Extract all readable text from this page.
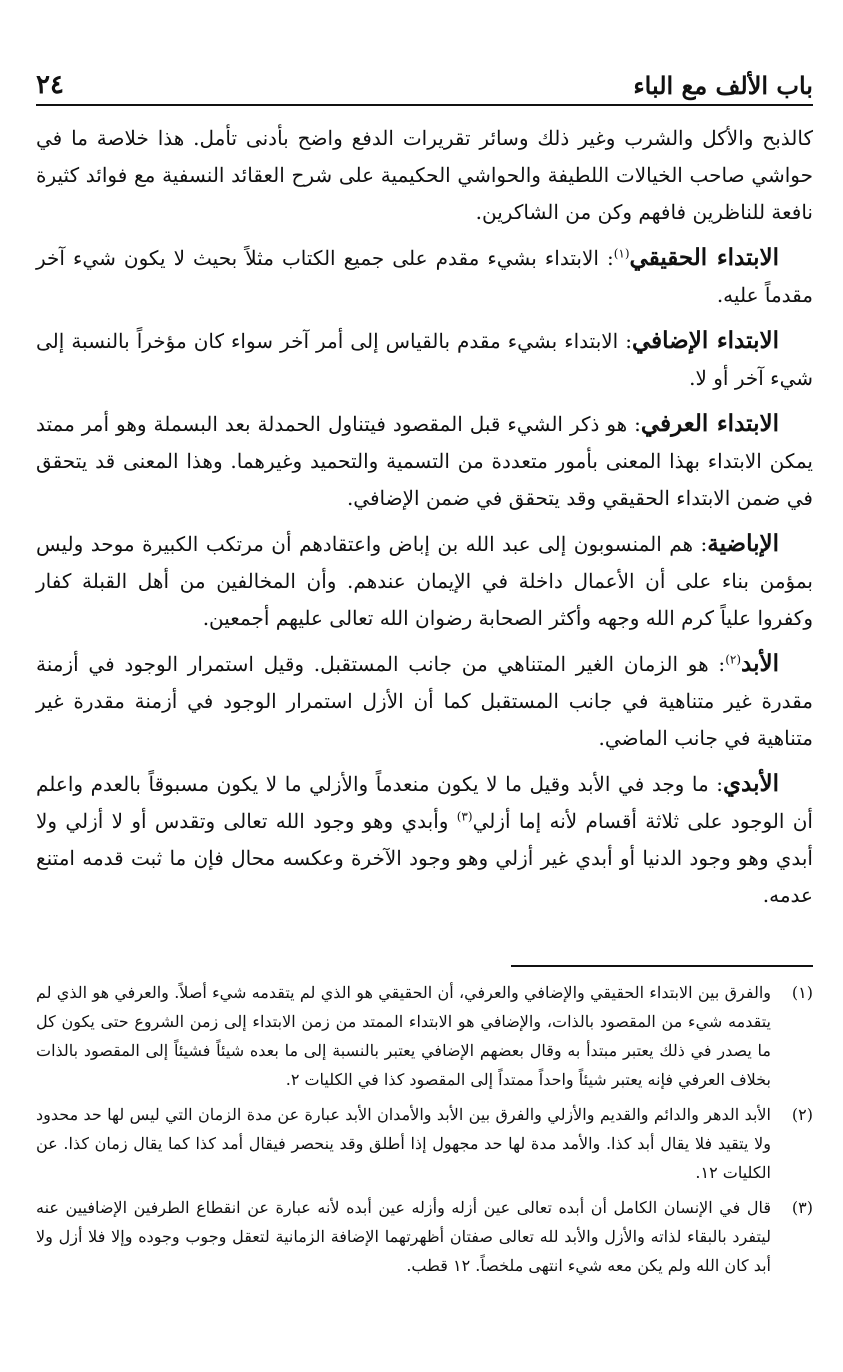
باب الألف مع الباء
٢٤

كالذبح والأكل والشرب وغير ذلك وسائر تقريرات الدفع واضح بأدنى تأمل. هذا خلاصة ما في حواشي صاحب الخيالات اللطيفة والحواشي الحكيمية على شرح العقائد النسفية مع فوائد كثيرة نافعة للناظرين فافهم وكن من الشاكرين.

الابتداء الحقيقي$^{(١)}$: الابتداء بشيء مقدم على جميع الكتاب مثلاً بحيث لا يكون شيء آخر مقدماً عليه.

الابتداء الإضافي: الابتداء بشيء مقدم بالقياس إلى أمر آخر سواء كان مؤخراً بالنسبة إلى شيء آخر أو لا.

الابتداء العرفي: هو ذكر الشيء قبل المقصود فيتناول الحمدلة بعد البسملة وهو أمر ممتد يمكن الابتداء بهذا المعنى بأمور متعددة من التسمية والتحميد وغيرهما. وهذا المعنى قد يتحقق في ضمن الابتداء الحقيقي وقد يتحقق في ضمن الإضافي.

الإباضية: هم المنسوبون إلى عبد الله بن إباض واعتقادهم أن مرتكب الكبيرة موحد وليس بمؤمن بناء على أن الأعمال داخلة في الإيمان عندهم. وأن المخالفين من أهل القبلة كفار وكفروا علياً كرم الله وجهه وأكثر الصحابة رضوان الله تعالى عليهم أجمعين.

الأبد$^{(٢)}$: هو الزمان الغير المتناهي من جانب المستقبل. وقيل استمرار الوجود في أزمنة مقدرة غير متناهية في جانب المستقبل كما أن الأزل استمرار الوجود في أزمنة مقدرة غير متناهية في جانب الماضي.

الأبدي: ما وجد في الأبد وقيل ما لا يكون منعدماً والأزلي ما لا يكون مسبوقاً بالعدم واعلم أن الوجود على ثلاثة أقسام لأنه إما أزلي$^{(٣)}$ وأبدي وهو وجود الله تعالى وتقدس أو لا أزلي ولا أبدي وهو وجود الدنيا أو أبدي غير أزلي وهو وجود الآخرة وعكسه محال فإن ما ثبت قدمه امتنع عدمه.

(١)
والفرق بين الابتداء الحقيقي والإضافي والعرفي، أن الحقيقي هو الذي لم يتقدمه شيء أصلاً. والعرفي هو الذي لم يتقدمه شيء من المقصود بالذات، والإضافي هو الابتداء الممتد من زمن الابتداء إلى زمن الشروع حتى يكون كل ما يصدر في ذلك يعتبر مبتدأ به وقال بعضهم الإضافي يعتبر بالنسبة إلى ما بعده شيئاً فشيئاً إلى المقصود بالذات بخلاف العرفي فإنه يعتبر شيئاً واحداً ممتداً إلى المقصود كذا في الكليات ٢.
(٢)
الأبد الدهر والدائم والقديم والأزلي والفرق بين الأبد والأمدان الأبد عبارة عن مدة الزمان التي ليس لها حد محدود ولا يتقيد فلا يقال أبد كذا. والأمد مدة لها حد مجهول إذا أطلق وقد ينحصر فيقال أمد كذا كما يقال زمان كذا. عن الكليات ١٢.
(٣)
قال في الإنسان الكامل أن أبده تعالى عين أزله وأزله عين أبده لأنه عبارة عن انقطاع الطرفين الإضافيين عنه ليتفرد بالبقاء لذاته والأزل والأبد لله تعالى صفتان أظهرتهما الإضافة الزمانية لتعقل وجوب وجوده وإلا فلا أزل ولا أبد كان الله ولم يكن معه شيء انتهى ملخصاً. ١٢ قطب.
